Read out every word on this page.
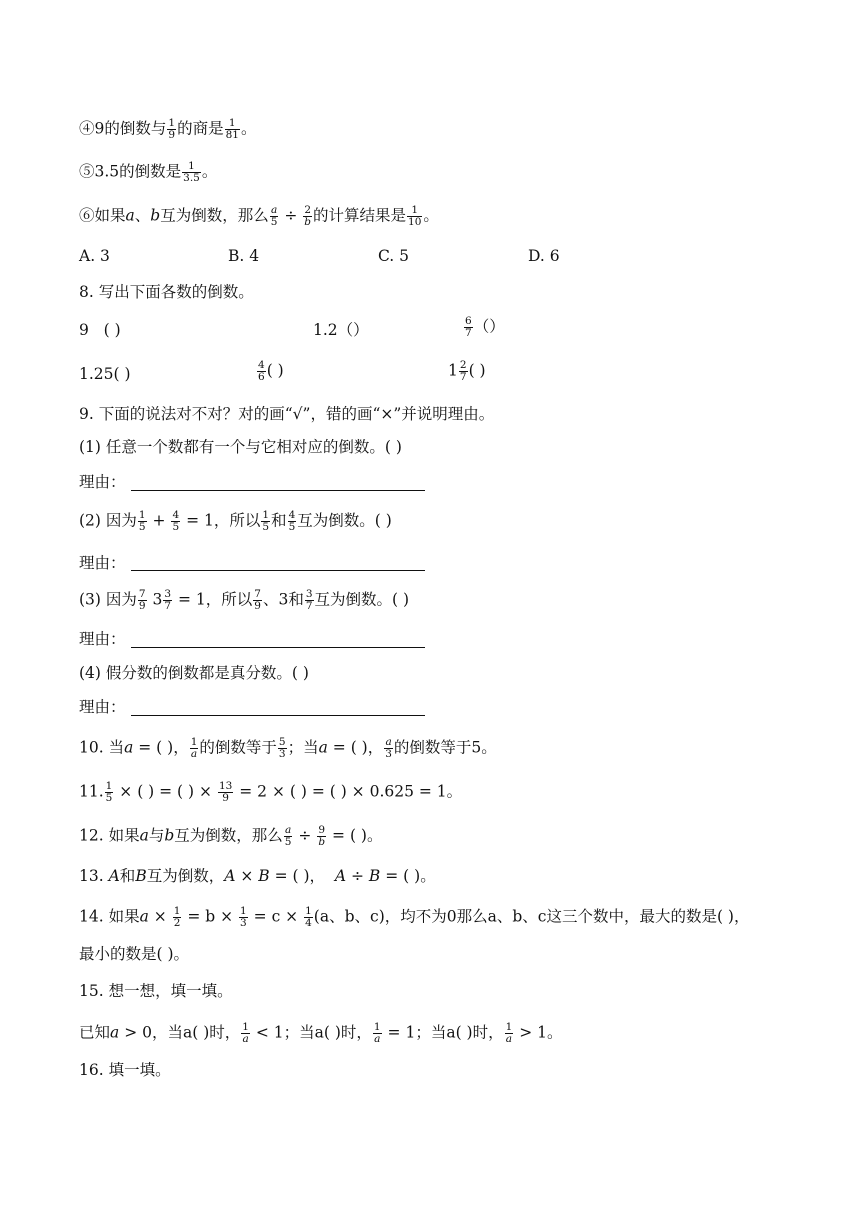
④9的倒数与 $\frac{1}{9}$ 的商是 $\frac{1}{81}$ 。
⑤3.5的倒数是 $\frac{1}{3.5}$ 。
⑥如果a、b互为倒数，那么 $\frac{a}{5} \div \frac{2}{b}$ 的计算结果是 $\frac{1}{10}$ 。
A. 3	B. 4	C. 5	D. 6
8. 写出下面各数的倒数。
9 ( )	1.2（）	$\frac{6}{7}$ （）
1.25( )	$\frac{4}{6}$ ( )	$1 \frac{2}{7}$ ( )
9. 下面的说法对不对？对的画“√”，错的画“×”并说明理由。
(1) 任意一个数都有一个与它相对应的倒数。( )
理由：
(2) 因为 $\frac{1}{5} + \frac{4}{5} = 1$，所以 $\frac{1}{5}$ 和 $\frac{4}{5}$ 互为倒数。( )
理由：
(3) 因为 $\frac{7}{9} 3 \frac{3}{7} = 1$，所以 $\frac{7}{9}$ 、3和 $\frac{3}{7}$ 互为倒数。( )
理由：
(4) 假分数的倒数都是真分数。( )
理由：
10. 当a = ( )， $\frac{1}{a}$ 的倒数等于 $\frac{5}{3}$ ；当a = ( )， $\frac{a}{3}$ 的倒数等于5。
11. $\frac{1}{5}$ × ( ) = ( ) × $\frac{13}{9} = 2$ × ( ) = ( ) × 0.625 = 1。
12. 如果a与b互为倒数，那么 $\frac{a}{5} \div \frac{9}{b}$ = ( )。
13. A和B互为倒数，A × B = ( )， A ÷ B = ( )。
14. 如果$a \times \frac{1}{2} = b \times \frac{1}{3} = c \times \frac{1}{4} (a$、b、c)，均不为0那么a、b、c这三个数中，最大的数是( )，
最小的数是( )。
15. 想一想，填一填。
已知a > 0，当a( )时， $\frac{1}{a} < 1$；当a( )时， $\frac{1}{a} = 1$；当a( )时， $\frac{1}{a} > 1$。
16. 填一填。
